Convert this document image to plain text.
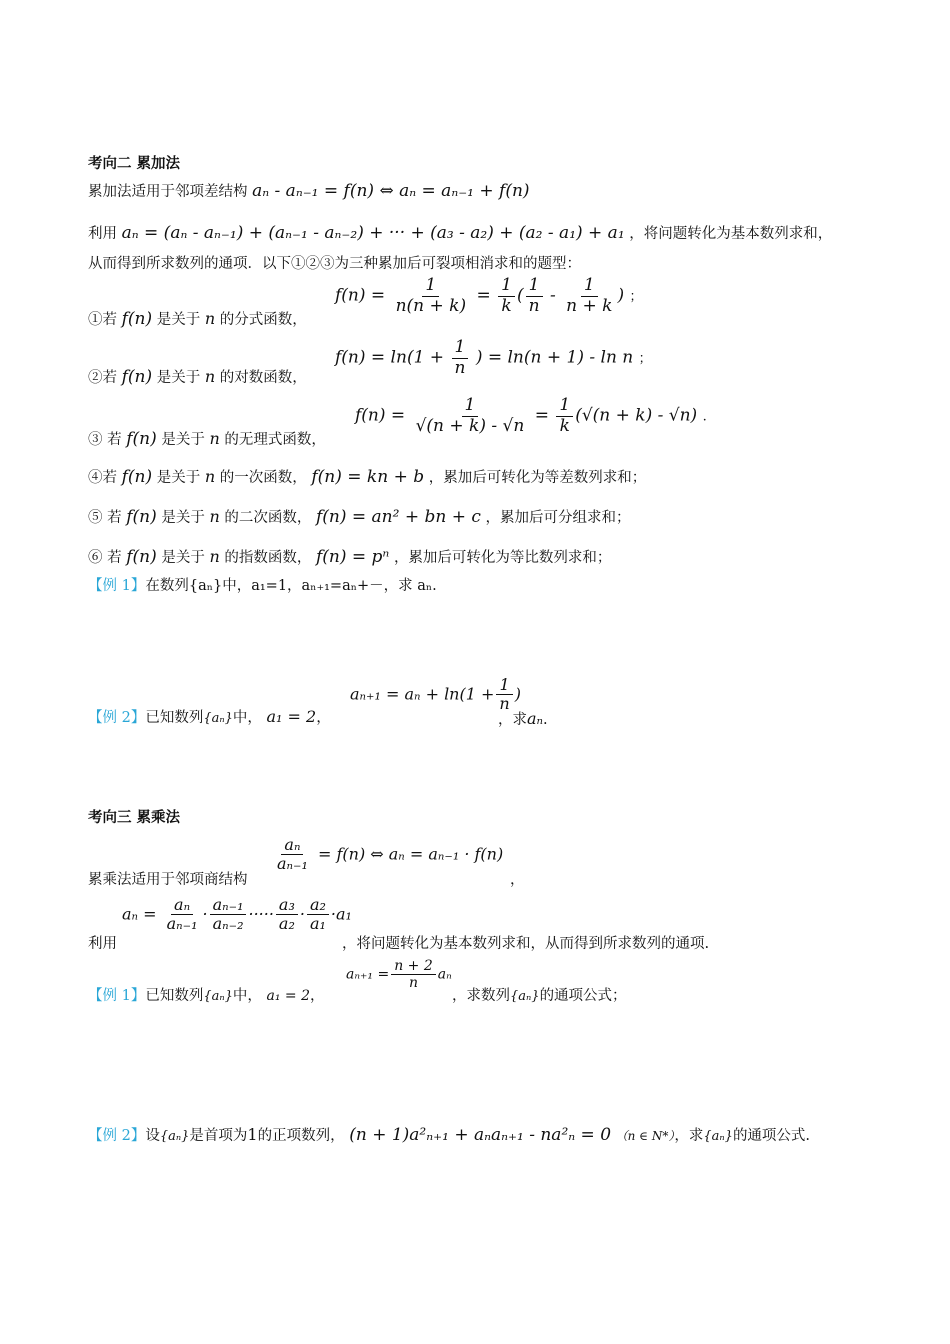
考向二 累加法
累加法适用于邻项差结构 aₙ - aₙ₋₁ = f(n) ⇔ aₙ = aₙ₋₁ + f(n)
利用 aₙ = (aₙ - aₙ₋₁) + (aₙ₋₁ - aₙ₋₂) + ··· + (a₃ - a₂) + (a₂ - a₁) + a₁ ，将问题转化为基本数列求和，
从而得到所求数列的通项．以下①②③为三种累加后可裂项相消求和的题型：
①若 f(n) 是关于 n 的分式函数，
$f(n) = \frac{1}{n(n + k)} = \frac{1}{k}$ ( $\frac{1}{n} - \frac{1}{n + k}$ ) ；
②若 f(n) 是关于 n 的对数函数，
$f(n) = \ln(1 + \frac{1}{n}$ ) = ln(n + 1) - ln n ；
③ 若 f(n) 是关于 n 的无理式函数，
$f(n) = \frac{1}{√(n + k) - √n} = \frac{1}{k} (√(n + k) - √n)$ .
④若 f(n) 是关于 n 的一次函数， f(n) = kn + b ，累加后可转化为等差数列求和；
⑤ 若 f(n) 是关于 n 的二次函数， f(n) = an² + bn + c ，累加后可分组求和；
⑥ 若 f(n) 是关于 n 的指数函数， f(n) = pⁿ ，累加后可转化为等比数列求和；
【例 1】在数列{aₙ}中，a₁=1，aₙ₊₁=aₙ+－，求 aₙ.
【例 2】已知数列{aₙ}中， a₁ = 2，
$a_{n+1} = a_n + \ln(1 + \frac{1}{n}$ )
，求aₙ.
考向三 累乘法
累乘法适用于邻项商结构
$\frac{\text{aₙ}}{\text{aₙ₋₁}} = f(n)$ ⇔ aₙ = aₙ₋₁ · f(n)
，
利用
$a_n = \frac{\text{aₙ}}{\text{aₙ₋₁}} \cdot \frac{\text{aₙ₋₁}}{\text{aₙ₋₂}}$ ····· $\frac{\text{a₃}}{\text{a₂}} \cdot \frac{\text{a₂}}{\text{a₁}} \cdot a_1$
，将问题转化为基本数列求和，从而得到所求数列的通项.
【例 1】已知数列{aₙ}中， a₁ = 2，
$a_{n+1} = \frac{n + 2}{n}$ aₙ
，求数列{aₙ}的通项公式；
【例 2】设{aₙ}是首项为1的正项数列， (n + 1)a²ₙ₊₁ + aₙaₙ₊₁ - na²ₙ = 0 （n ∈ N*），求{aₙ}的通项公式.
